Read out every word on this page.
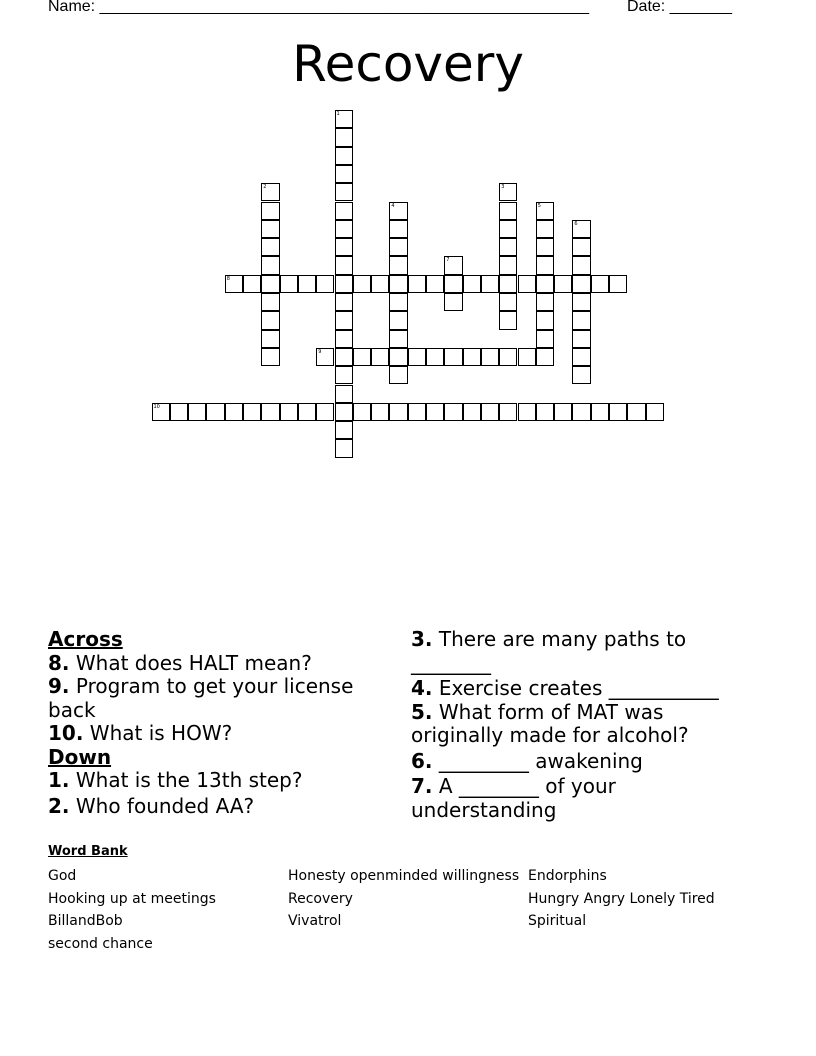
Name: _______________________________________________________ Date: _______
Recovery
1
2	3
4	5
6
7
8
9
10
Across
8. What does HALT mean?
9. Program to get your license back
10. What is HOW?
Down
1. What is the 13th step?
2. Who founded AA?
3. There are many paths to ________
4. Exercise creates ___________
5. What form of MAT was originally made for alcohol?
6. _________ awakening
7. A ________ of your understanding
Word Bank
God
Hooking up at meetings
BillandBob
second chance
Honesty openminded willingness
Recovery
Vivatrol
Endorphins
Hungry Angry Lonely Tired
Spiritual
